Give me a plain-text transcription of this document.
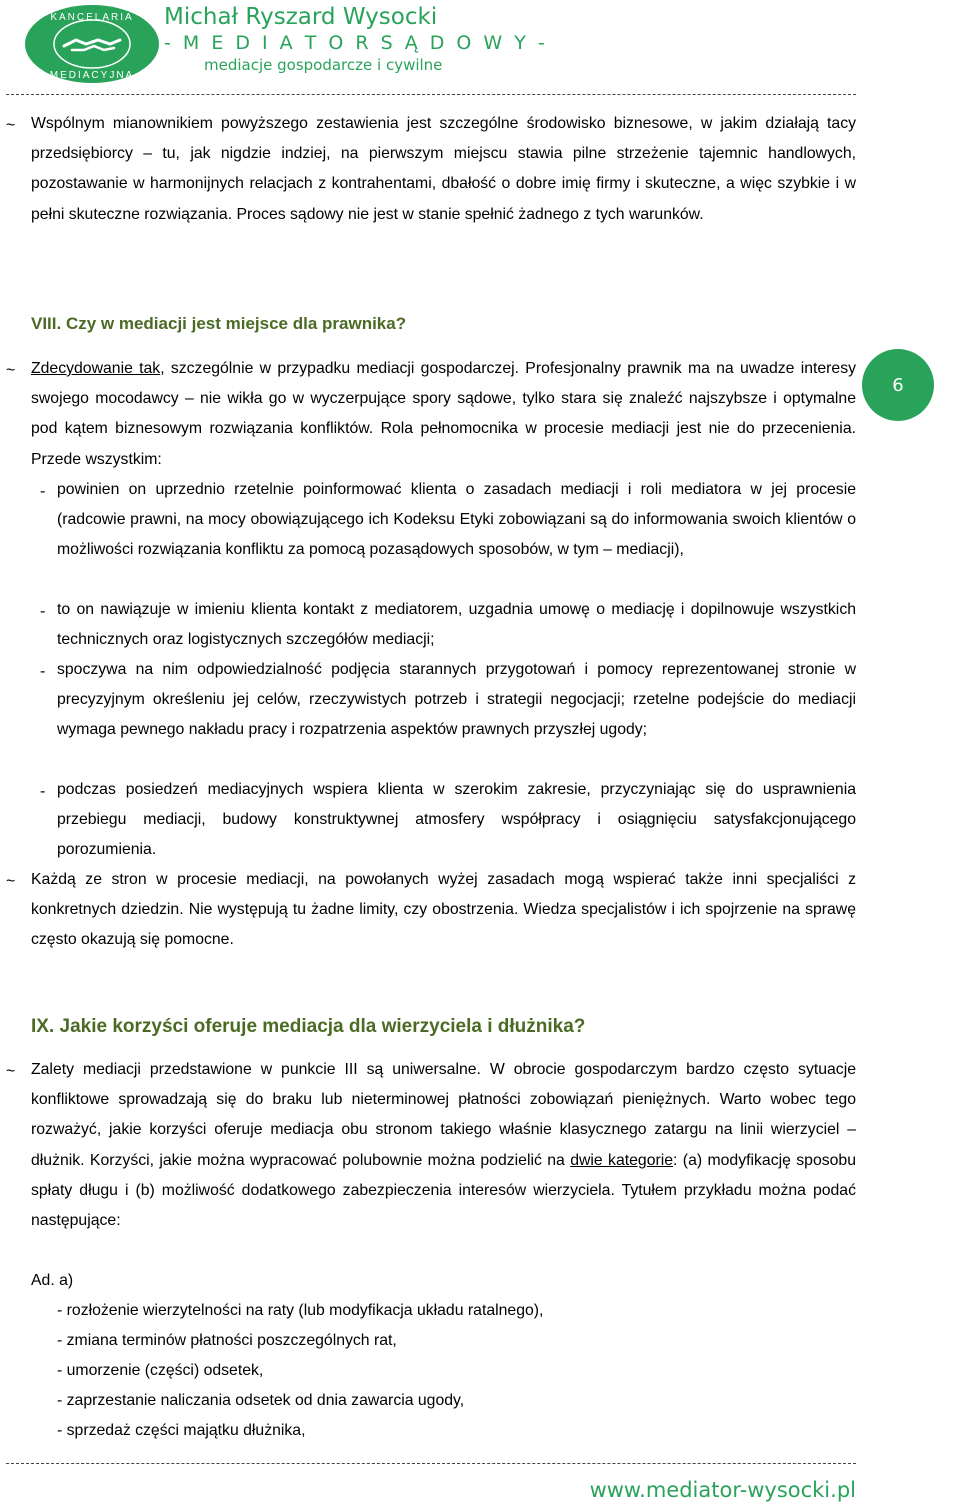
KANCELARIA
MEDIACYJNA
Michał Ryszard Wysocki
- M E D I A T O R S Ą D O W Y -
mediacje gospodarcze i cywilne
~ Wspólnym mianownikiem powyższego zestawienia jest szczególne środowisko biznesowe, w jakim działają tacy przedsiębiorcy – tu, jak nigdzie indziej, na pierwszym miejscu stawia pilne strzeżenie tajemnic handlowych, pozostawanie w harmonijnych relacjach z kontrahentami, dbałość o dobre imię firmy i skuteczne, a więc szybkie i w pełni skuteczne rozwiązania. Proces sądowy nie jest w stanie spełnić żadnego z tych warunków.
VIII. Czy w mediacji jest miejsce dla prawnika?
~ Zdecydowanie tak, szczególnie w przypadku mediacji gospodarczej. Profesjonalny prawnik ma na uwadze interesy swojego mocodawcy – nie wikła go w wyczerpujące spory sądowe, tylko stara się znaleźć najszybsze i optymalne pod kątem biznesowym rozwiązania konfliktów. Rola pełnomocnika w procesie mediacji jest nie do przecenienia. Przede wszystkim:
6
- powinien on uprzednio rzetelnie poinformować klienta o zasadach mediacji i roli mediatora w jej procesie (radcowie prawni, na mocy obowiązującego ich Kodeksu Etyki zobowiązani są do informowania swoich klientów o możliwości rozwiązania konfliktu za pomocą pozasądowych sposobów, w tym – mediacji),
- to on nawiązuje w imieniu klienta kontakt z mediatorem, uzgadnia umowę o mediację i dopilnowuje wszystkich technicznych oraz logistycznych szczegółów mediacji;
- spoczywa na nim odpowiedzialność podjęcia starannych przygotowań i pomocy reprezentowanej stronie w precyzyjnym określeniu jej celów, rzeczywistych potrzeb i strategii negocjacji; rzetelne podejście do mediacji wymaga pewnego nakładu pracy i rozpatrzenia aspektów prawnych przyszłej ugody;
- podczas posiedzeń mediacyjnych wspiera klienta w szerokim zakresie, przyczyniając się do usprawnienia przebiegu mediacji, budowy konstruktywnej atmosfery współpracy i osiągnięciu satysfakcjonującego porozumienia.
~ Każdą ze stron w procesie mediacji, na powołanych wyżej zasadach mogą wspierać także inni specjaliści z konkretnych dziedzin. Nie występują tu żadne limity, czy obostrzenia. Wiedza specjalistów i ich spojrzenie na sprawę często okazują się pomocne.
IX. Jakie korzyści oferuje mediacja dla wierzyciela i dłużnika?
~ Zalety mediacji przedstawione w punkcie III są uniwersalne. W obrocie gospodarczym bardzo często sytuacje konfliktowe sprowadzają się do braku lub nieterminowej płatności zobowiązań pieniężnych. Warto wobec tego rozważyć, jakie korzyści oferuje mediacja obu stronom takiego właśnie klasycznego zatargu na linii wierzyciel – dłużnik. Korzyści, jakie można wypracować polubownie można podzielić na dwie kategorie: (a) modyfikację sposobu spłaty długu i (b) możliwość dodatkowego zabezpieczenia interesów wierzyciela. Tytułem przykładu można podać następujące:
Ad. a)
- rozłożenie wierzytelności na raty (lub modyfikacja układu ratalnego),
- zmiana terminów płatności poszczególnych rat,
- umorzenie (części) odsetek,
- zaprzestanie naliczania odsetek od dnia zawarcia ugody,
- sprzedaż części majątku dłużnika,
www.mediator-wysocki.pl
